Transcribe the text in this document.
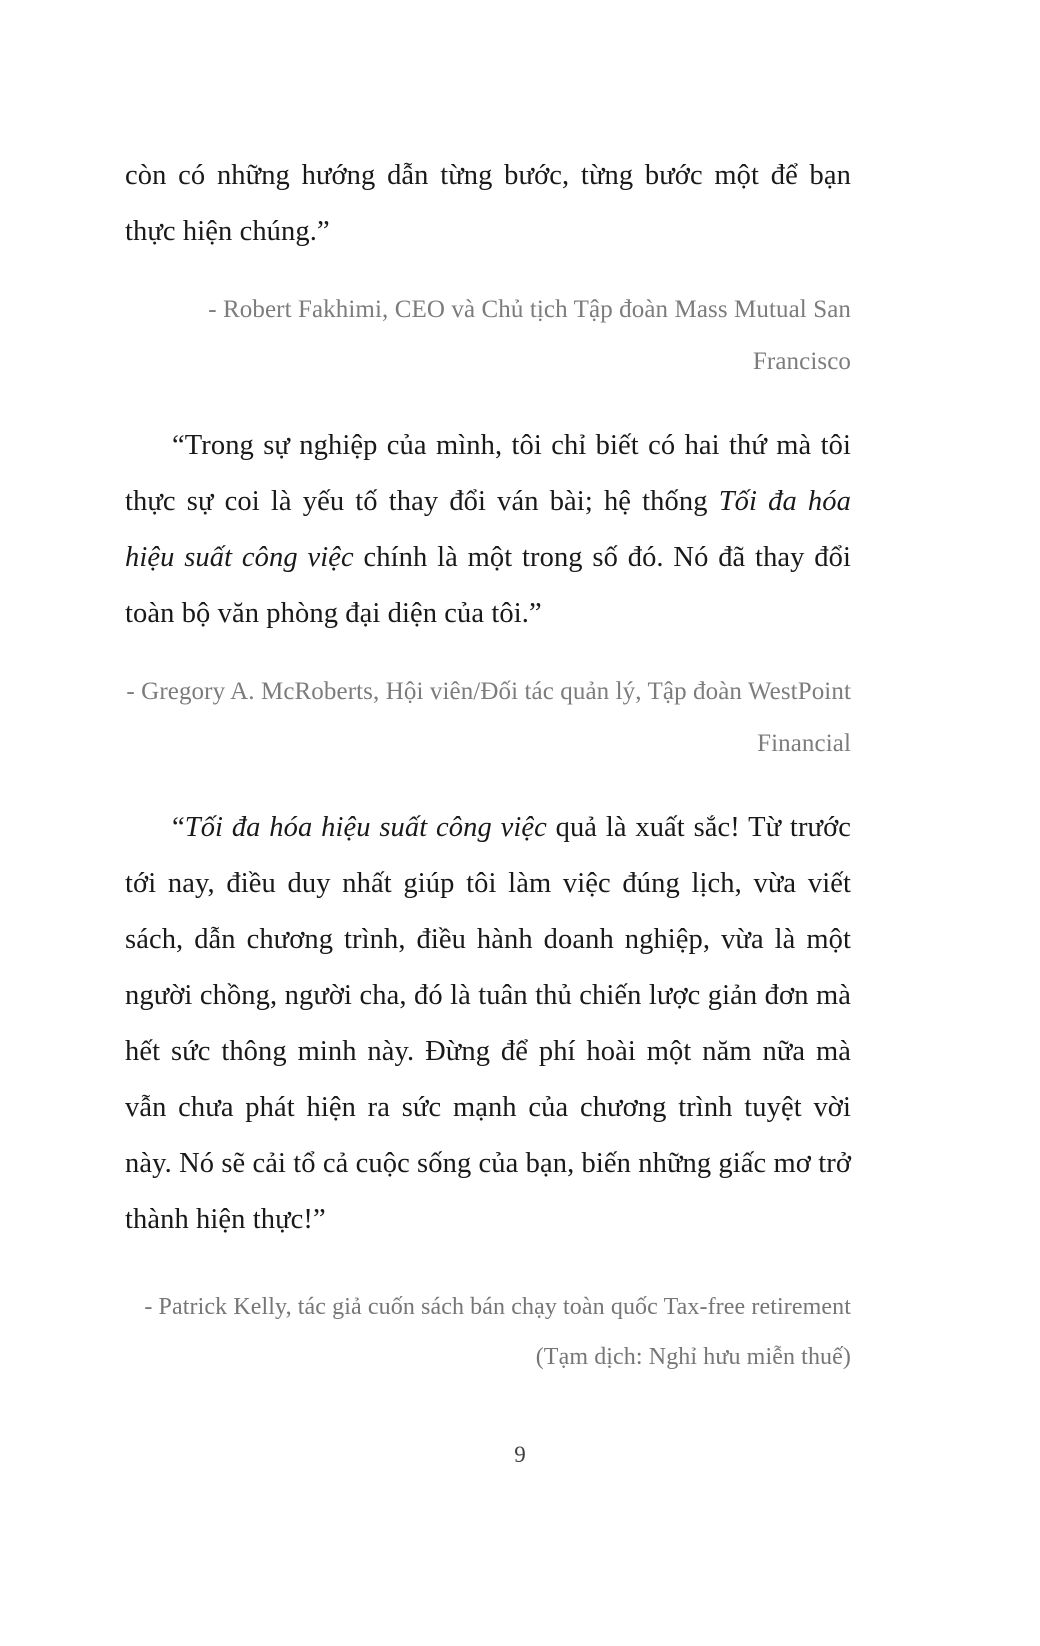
còn có những hướng dẫn từng bước, từng bước một để bạn thực hiện chúng.”

- Robert Fakhimi, CEO và Chủ tịch Tập đoàn Mass Mutual San Francisco

“Trong sự nghiệp của mình, tôi chỉ biết có hai thứ mà tôi thực sự coi là yếu tố thay đổi ván bài; hệ thống Tối đa hóa hiệu suất công việc chính là một trong số đó. Nó đã thay đổi toàn bộ văn phòng đại diện của tôi.”

- Gregory A. McRoberts, Hội viên/Đối tác quản lý, Tập đoàn WestPoint Financial

“Tối đa hóa hiệu suất công việc quả là xuất sắc! Từ trước tới nay, điều duy nhất giúp tôi làm việc đúng lịch, vừa viết sách, dẫn chương trình, điều hành doanh nghiệp, vừa là một người chồng, người cha, đó là tuân thủ chiến lược giản đơn mà hết sức thông minh này. Đừng để phí hoài một năm nữa mà vẫn chưa phát hiện ra sức mạnh của chương trình tuyệt vời này. Nó sẽ cải tổ cả cuộc sống của bạn, biến những giấc mơ trở thành hiện thực!”

- Patrick Kelly, tác giả cuốn sách bán chạy toàn quốc Tax-free retirement (Tạm dịch: Nghỉ hưu miễn thuế)

9
